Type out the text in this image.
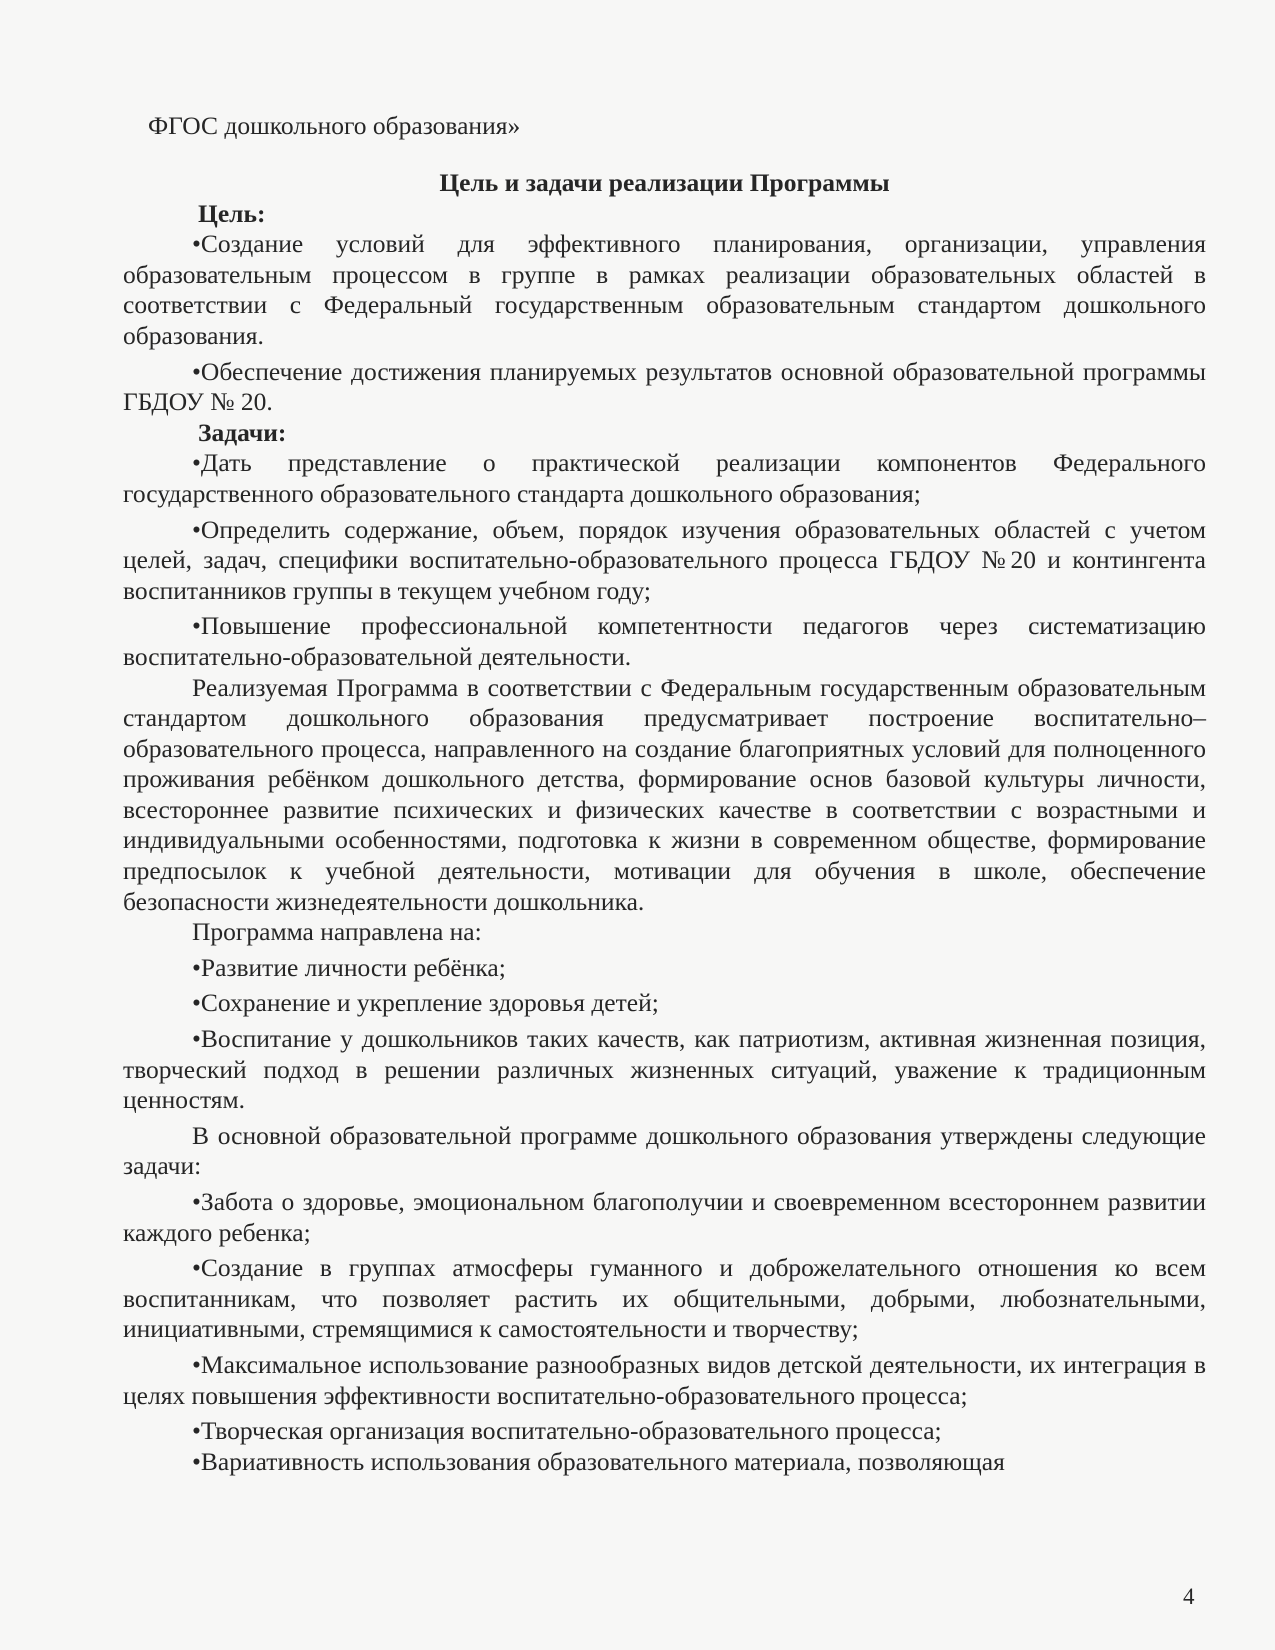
ФГОС дошкольного образования»

Цель и задачи реализации Программы

Цель:

•Создание условий для эффективного планирования, организации, управления образовательным процессом в группе в рамках реализации образовательных областей в соответствии с Федеральный государственным образовательным стандартом дошкольного образования.

•Обеспечение достижения планируемых результатов основной образовательной программы ГБДОУ № 20.

Задачи:

•Дать представление о практической реализации компонентов Федерального государственного образовательного стандарта дошкольного образования;

•Определить содержание, объем, порядок изучения образовательных областей с учетом целей, задач, специфики воспитательно-образовательного процесса ГБДОУ №20 и контингента воспитанников группы в текущем учебном году;

•Повышение профессиональной компетентности педагогов через систематизацию воспитательно-образовательной деятельности.

Реализуемая Программа в соответствии с Федеральным государственным образовательным стандартом дошкольного образования предусматривает построение воспитательно–образовательного процесса, направленного на создание благоприятных условий для полноценного проживания ребёнком дошкольного детства, формирование основ базовой культуры личности, всестороннее развитие психических и физических качестве в соответствии с возрастными и индивидуальными особенностями, подготовка к жизни в современном обществе, формирование предпосылок к учебной деятельности, мотивации для обучения в школе, обеспечение безопасности жизнедеятельности дошкольника.

Программа направлена на:

•Развитие личности ребёнка;

•Сохранение и укрепление здоровья детей;

•Воспитание у дошкольников таких качеств, как патриотизм, активная жизненная позиция, творческий подход в решении различных жизненных ситуаций, уважение к традиционным ценностям.

В основной образовательной программе дошкольного образования утверждены следующие задачи:

•Забота о здоровье, эмоциональном благополучии и своевременном всестороннем развитии каждого ребенка;

•Создание в группах атмосферы гуманного и доброжелательного отношения ко всем воспитанникам, что позволяет растить их общительными, добрыми, любознательными, инициативными, стремящимися к самостоятельности и творчеству;

•Максимальное использование разнообразных видов детской деятельности, их интеграция в целях повышения эффективности воспитательно-образовательного процесса;

•Творческая организация воспитательно-образовательного процесса;

•Вариативность использования образовательного материала, позволяющая

4
